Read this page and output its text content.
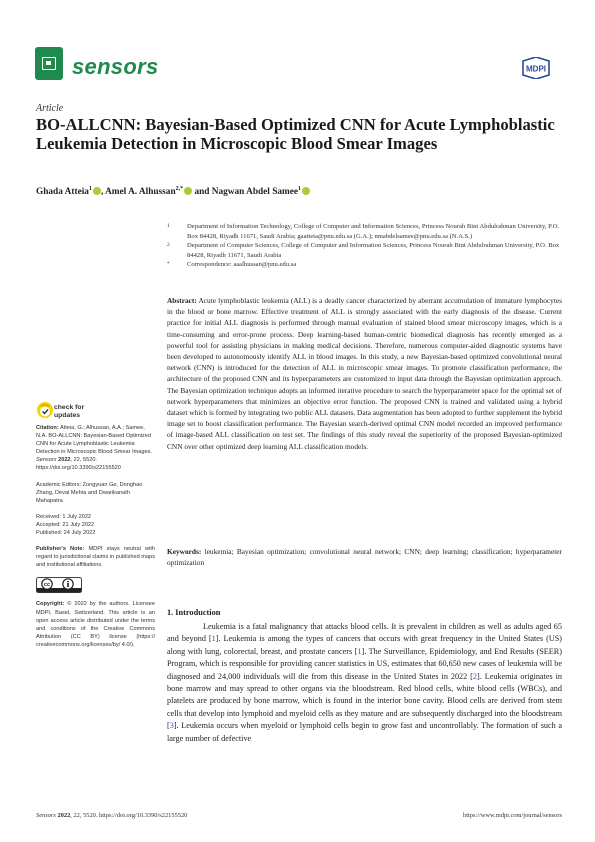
sensors	MDPI
Article
BO-ALLCNN: Bayesian-Based Optimized CNN for Acute Lymphoblastic Leukemia Detection in Microscopic Blood Smear Images
Ghada Atteia$^1$ , Amel A. Alhussan$^{2,*}$ and Nagwan Abdel Samee$^1$
1	Department of Information Technology, College of Computer and Information Sciences, Princess Nourah Bint Abdulrahman University, P.O. Box 84428, Riyadh 11671, Saudi Arabia; gaatteia@pnu.edu.sa (G.A.); nmabdelsamee@pnu.edu.sa (N.A.S.)
2	Department of Computer Sciences, College of Computer and Information Sciences, Princess Nourah Bint Abdulrahman University, P.O. Box 84428, Riyadh 11671, Saudi Arabia
*	Correspondence: aaalhussan@pnu.edu.sa
Abstract: Acute lymphoblastic leukemia (ALL) is a deadly cancer characterized by aberrant accumulation of immature lymphocytes in the blood or bone marrow. Effective treatment of ALL is strongly associated with the early diagnosis of the disease. Current practice for initial ALL diagnosis is performed through manual evaluation of stained blood smear microscopy images, which is a time-consuming and error-prone process. Deep learning-based human-centric biomedical diagnosis has recently emerged as a powerful tool for assisting physicians in making medical decisions. Therefore, numerous computer-aided diagnostic systems have been developed to autonomously identify ALL in blood images. In this study, a new Bayesian-based optimized convolutional neural network (CNN) is introduced for the detection of ALL in microscopic smear images. To promote classification performance, the architecture of the proposed CNN and its hyperparameters are customized to input data through the Bayesian optimization approach. The Bayesian optimization technique adopts an informed iterative procedure to search the hyperparameter space for the optimal set of network hyperparameters that minimizes an objective error function. The proposed CNN is trained and validated using a hybrid dataset which is formed by integrating two public ALL datasets. Data augmentation has been adopted to further supplement the hybrid image set to boost classification performance. The Bayesian search-derived optimal CNN model recorded an improved performance of image-based ALL classification on test set. The findings of this study reveal the superiority of the proposed Bayesian-optimized CNN over other optimized deep learning ALL classification models.
Keywords: leukemia; Bayesian optimization; convolutional neural network; CNN; deep learning; classification; hyperparameter optimization
check for
updates

Citation: Atteia, G.; Alhussan, A.A.; Samee, N.A. BO-ALLCNN: Bayesian-Based Optimized CNN for Acute Lymphoblastic Leukemia Detection in Microscopic Blood Smear Images. Sensors 2022, 22, 5520. https://doi.org/10.3390/s22155520

Academic Editors: Zongyuan Ge, Donghao Zhang, Deval Mehta and Dwarikanath Mahapatra

Received: 1 July 2022

Accepted: 21 July 2022

Published: 24 July 2022

Publisher's Note: MDPI stays neutral with regard to jurisdictional claims in published maps and institutional affiliations.

cc

Copyright: © 2022 by the authors. Licensee MDPI, Basel, Switzerland. This article is an open access article distributed under the terms and conditions of the Creative Commons Attribution (CC BY) license (https:// creativecommons.org/licenses/by/ 4.0/).

1. Introduction
Leukemia is a fatal malignancy that attacks blood cells. It is prevalent in children as well as adults aged 65 and beyond [1]. Leukemia is among the types of cancers that occurs with great frequency in the United States (US) along with lung, colorectal, breast, and prostate cancers [1]. The Surveillance, Epidemiology, and End Results (SEER) Program, which is responsible for providing cancer statistics in US, estimates that 60,650 new cases of leukemia will be diagnosed and 24,000 individuals will die from this disease in the United States in 2022 [2]. Leukemia originates in bone marrow and may spread to other organs via the bloodstream. Red blood cells, white blood cells (WBCs), and platelets are produced by bone marrow, which is found in the interior bone cavity. Blood cells are derived from stem cells that develop into lymphoid and myeloid cells as they mature and are subsequently discharged into the bloodstream [3]. Leukemia occurs when myeloid or lymphoid cells begin to grow fast and uncontrollably. The formation of such a large number of defective
Sensors 2022, 22, 5520. https://doi.org/10.3390/s22155520	https://www.mdpi.com/journal/sensors
